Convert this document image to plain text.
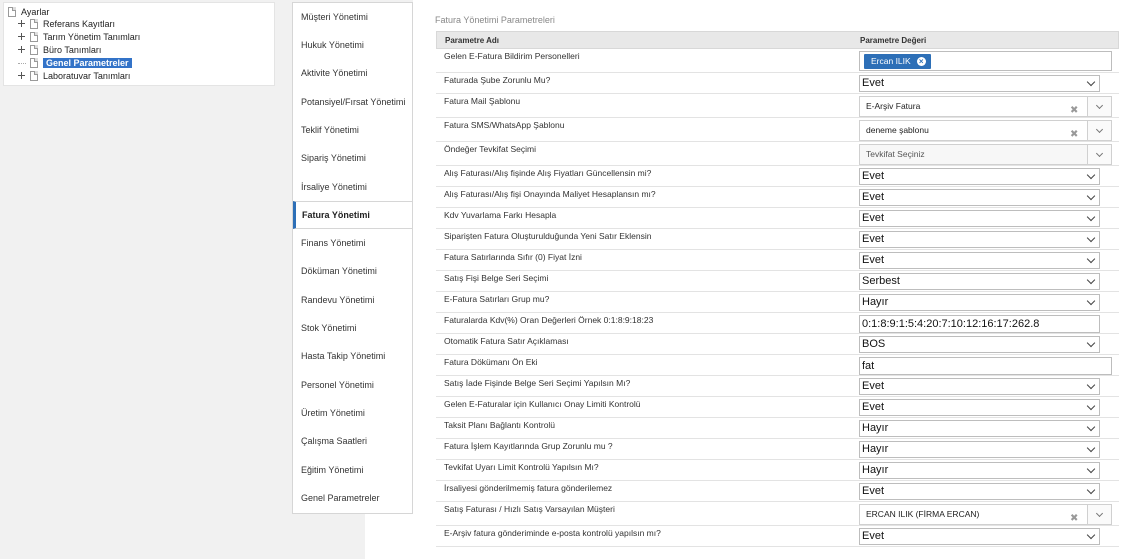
Ayarlar
Referans Kayıtları
Tarım Yönetim Tanımları
Büro Tanımları
Genel Parametreler
Laboratuvar Tanımları
Fatura Yönetimi Parametreleri
Parametre Adı	Parametre Değeri
Gelen E-Fatura Bildirim Personelleri	Ercan ILIK ×
Faturada Şube Zorunlu Mu?	Evet
Fatura Mail Şablonu	E-Arşiv Fatura	✖
Fatura SMS/WhatsApp Şablonu	deneme şablonu	✖
Öndeğer Tevkifat Seçimi	Tevkifat Seçiniz
Alış Faturası/Alış fişinde Alış Fiyatları Güncellensin mi?	Evet
Alış Faturası/Alış fişi Onayında Maliyet Hesaplansın mı?	Evet
Kdv Yuvarlama Farkı Hesapla	Evet
Siparişten Fatura Oluşturulduğunda Yeni Satır Eklensin	Evet
Fatura Satırlarında Sıfır (0) Fiyat İzni	Evet
Satış Fişi Belge Seri Seçimi	Serbest
E-Fatura Satırları Grup mu?	Hayır
Faturalarda Kdv(%) Oran Değerleri Örnek 0:1:8:9:18:23	0:1:8:9:1:5:4:20:7:10:12:16:17:262.8
Otomatik Fatura Satır Açıklaması	BOS
Fatura Dökümanı Ön Eki	fat
Satış İade Fişinde Belge Seri Seçimi Yapılsın Mı?	Evet
Gelen E-Faturalar için Kullanıcı Onay Limiti Kontrolü	Evet
Taksit Planı Bağlantı Kontrolü	Hayır
Fatura İşlem Kayıtlarında Grup Zorunlu mu ?	Hayır
Tevkifat Uyarı Limit Kontrolü Yapılsın Mı?	Hayır
İrsaliyesi gönderilmemiş fatura gönderilemez	Evet
Satış Faturası / Hızlı Satış Varsayılan Müşteri	ERCAN ILIK (FİRMA ERCAN)	✖
E-Arşiv fatura gönderiminde e-posta kontrolü yapılsın mı?	Evet
Müşteri Yönetimi
Hukuk Yönetimi
Aktivite Yönetimi
Potansiyel/Fırsat Yönetimi
Teklif Yönetimi
Sipariş Yönetimi
İrsaliye Yönetimi
Fatura Yönetimi
Finans Yönetimi
Döküman Yönetimi
Randevu Yönetimi
Stok Yönetimi
Hasta Takip Yönetimi
Personel Yönetimi
Üretim Yönetimi
Çalışma Saatleri
Eğitim Yönetimi
Genel Parametreler
